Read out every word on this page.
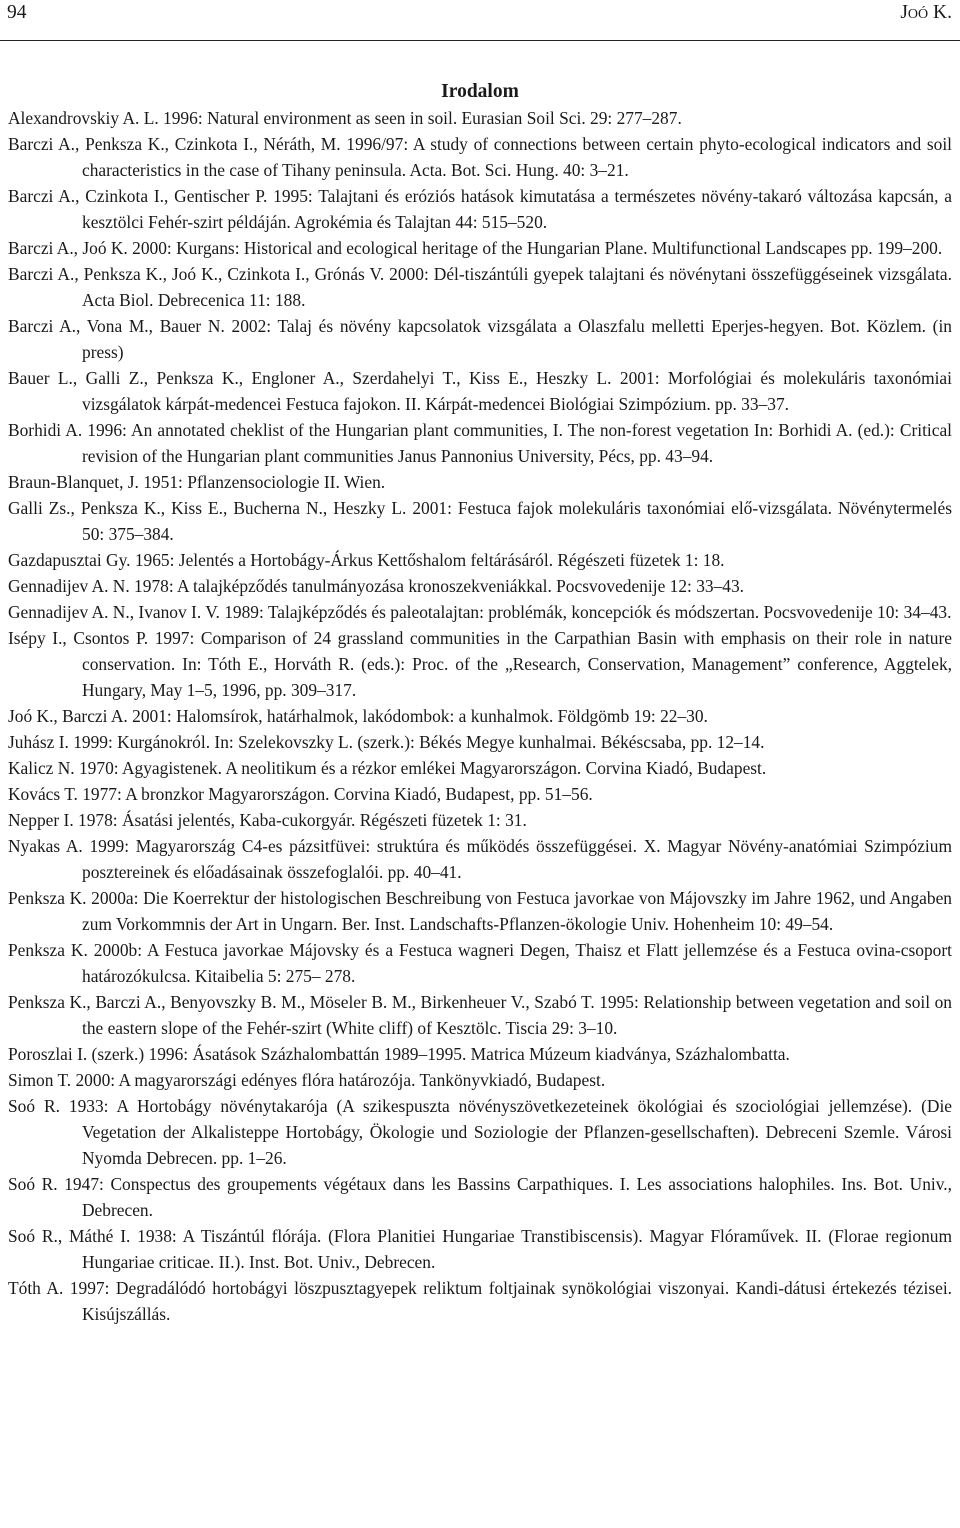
94	Joó K.
Irodalom
Alexandrovskiy A. L. 1996: Natural environment as seen in soil. Eurasian Soil Sci. 29: 277–287.
Barczi A., Penksza K., Czinkota I., Néráth, M. 1996/97: A study of connections between certain phyto-ecological indicators and soil characteristics in the case of Tihany peninsula. Acta. Bot. Sci. Hung. 40: 3–21.
Barczi A., Czinkota I., Gentischer P. 1995: Talajtani és eróziós hatások kimutatása a természetes növény-takaró változása kapcsán, a kesztölci Fehér-szirt példáján. Agrokémia és Talajtan 44: 515–520.
Barczi A., Joó K. 2000: Kurgans: Historical and ecological heritage of the Hungarian Plane. Multifunctional Landscapes pp. 199–200.
Barczi A., Penksza K., Joó K., Czinkota I., Grónás V. 2000: Dél-tiszántúli gyepek talajtani és növénytani összefüggéseinek vizsgálata. Acta Biol. Debrecenica 11: 188.
Barczi A., Vona M., Bauer N. 2002: Talaj és növény kapcsolatok vizsgálata a Olaszfalu melletti Eperjes-hegyen. Bot. Közlem. (in press)
Bauer L., Galli Z., Penksza K., Engloner A., Szerdahelyi T., Kiss E., Heszky L. 2001: Morfológiai és molekuláris taxonómiai vizsgálatok kárpát-medencei Festuca fajokon. II. Kárpát-medencei Biológiai Szimpózium. pp. 33–37.
Borhidi A. 1996: An annotated cheklist of the Hungarian plant communities, I. The non-forest vegetation In: Borhidi A. (ed.): Critical revision of the Hungarian plant communities Janus Pannonius University, Pécs, pp. 43–94.
Braun-Blanquet, J. 1951: Pflanzensociologie II. Wien.
Galli Zs., Penksza K., Kiss E., Bucherna N., Heszky L. 2001: Festuca fajok molekuláris taxonómiai elő-vizsgálata. Növénytermelés 50: 375–384.
Gazdapusztai Gy. 1965: Jelentés a Hortobágy-Árkus Kettőshalom feltárásáról. Régészeti füzetek 1: 18.
Gennadijev A. N. 1978: A talajképződés tanulmányozása kronoszekveniákkal. Pocsvovedenije 12: 33–43.
Gennadijev A. N., Ivanov I. V. 1989: Talajképződés és paleotalajtan: problémák, koncepciók és módszertan. Pocsvovedenije 10: 34–43.
Isépy I., Csontos P. 1997: Comparison of 24 grassland communities in the Carpathian Basin with emphasis on their role in nature conservation. In: Tóth E., Horváth R. (eds.): Proc. of the „Research, Conservation, Management” conference, Aggtelek, Hungary, May 1–5, 1996, pp. 309–317.
Joó K., Barczi A. 2001: Halomsírok, határhalmok, lakódombok: a kunhalmok. Földgömb 19: 22–30.
Juhász I. 1999: Kurgánokról. In: Szelekovszky L. (szerk.): Békés Megye kunhalmai. Békéscsaba, pp. 12–14.
Kalicz N. 1970: Agyagistenek. A neolitikum és a rézkor emlékei Magyarországon. Corvina Kiadó, Budapest.
Kovács T. 1977: A bronzkor Magyarországon. Corvina Kiadó, Budapest, pp. 51–56.
Nepper I. 1978: Ásatási jelentés, Kaba-cukorgyár. Régészeti füzetek 1: 31.
Nyakas A. 1999: Magyarország C4-es pázsitfüvei: struktúra és működés összefüggései. X. Magyar Növény-anatómiai Szimpózium posztereinek és előadásainak összefoglalói. pp. 40–41.
Penksza K. 2000a: Die Koerrektur der histologischen Beschreibung von Festuca javorkae von Májovszky im Jahre 1962, und Angaben zum Vorkommnis der Art in Ungarn. Ber. Inst. Landschafts-Pflanzen-ökologie Univ. Hohenheim 10: 49–54.
Penksza K. 2000b: A Festuca javorkae Májovsky és a Festuca wagneri Degen, Thaisz et Flatt jellemzése és a Festuca ovina-csoport határozókulcsa. Kitaibelia 5: 275– 278.
Penksza K., Barczi A., Benyovszky B. M., Möseler B. M., Birkenheuer V., Szabó T. 1995: Relationship between vegetation and soil on the eastern slope of the Fehér-szirt (White cliff) of Kesztölc. Tiscia 29: 3–10.
Poroszlai I. (szerk.) 1996: Ásatások Százhalombattán 1989–1995. Matrica Múzeum kiadványa, Százhalombatta.
Simon T. 2000: A magyarországi edényes flóra határozója. Tankönyvkiadó, Budapest.
Soó R. 1933: A Hortobágy növénytakarója (A szikespuszta növényszövetkezeteinek ökológiai és szociológiai jellemzése). (Die Vegetation der Alkalisteppe Hortobágy, Ökologie und Soziologie der Pflanzen-gesellschaften). Debreceni Szemle. Városi Nyomda Debrecen. pp. 1–26.
Soó R. 1947: Conspectus des groupements végétaux dans les Bassins Carpathiques. I. Les associations halophiles. Ins. Bot. Univ., Debrecen.
Soó R., Máthé I. 1938: A Tiszántúl flórája. (Flora Planitiei Hungariae Transtibiscensis). Magyar Flóraművek. II. (Florae regionum Hungariae criticae. II.). Inst. Bot. Univ., Debrecen.
Tóth A. 1997: Degradálódó hortobágyi löszpusztagyepek reliktum foltjainak synökológiai viszonyai. Kandi-dátusi értekezés tézisei. Kisújszállás.
